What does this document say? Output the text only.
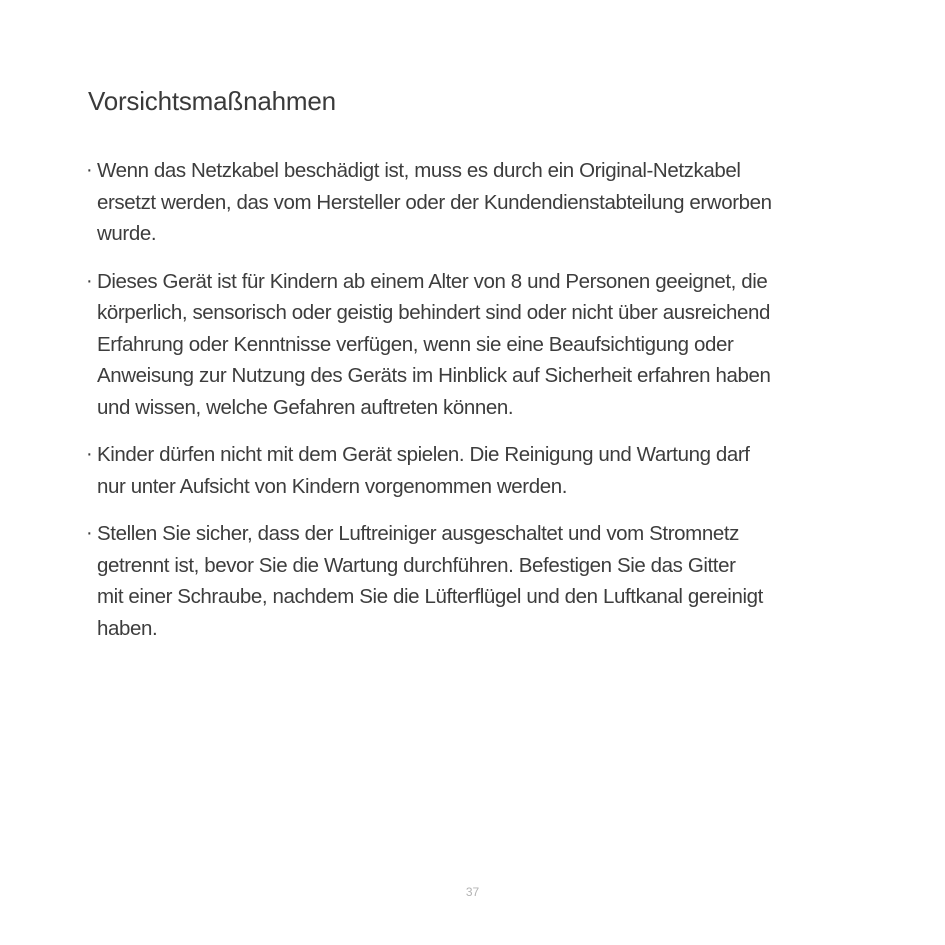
Vorsichtsmaßnahmen
· Wenn das Netzkabel beschädigt ist, muss es durch ein Original-Netzkabel
ersetzt werden, das vom Hersteller oder der Kundendienstabteilung erworben
wurde.
· Dieses Gerät ist für Kindern ab einem Alter von 8 und Personen geeignet, die
körperlich, sensorisch oder geistig behindert sind oder nicht über ausreichend
Erfahrung oder Kenntnisse verfügen, wenn sie eine Beaufsichtigung oder
Anweisung zur Nutzung des Geräts im Hinblick auf Sicherheit erfahren haben
und wissen, welche Gefahren auftreten können.
· Kinder dürfen nicht mit dem Gerät spielen. Die Reinigung und Wartung darf
nur unter Aufsicht von Kindern vorgenommen werden.
· Stellen Sie sicher, dass der Luftreiniger ausgeschaltet und vom Stromnetz
getrennt ist, bevor Sie die Wartung durchführen. Befestigen Sie das Gitter
mit einer Schraube, nachdem Sie die Lüfterflügel und den Luftkanal gereinigt
haben.
37
